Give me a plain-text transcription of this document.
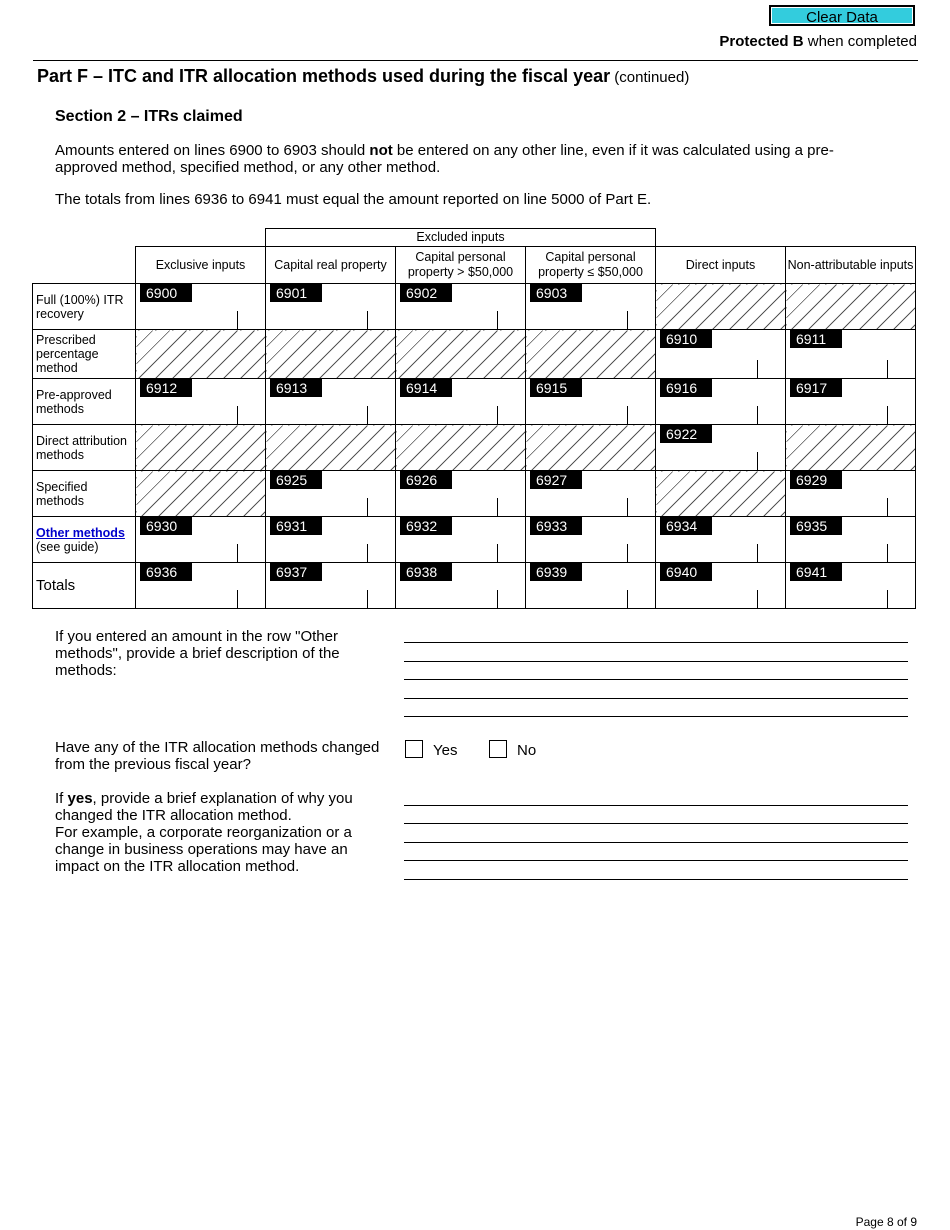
Clear Data
Protected B when completed
Part F – ITC and ITR allocation methods used during the fiscal year (continued)
Section 2 – ITRs claimed
Amounts entered on lines 6900 to 6903 should not be entered on any other line, even if it was calculated using a pre-approved method, specified method, or any other method.
The totals from lines 6936 to 6941 must equal the amount reported on line 5000 of Part E.
		Excluded inputs				
	Exclusive inputs	Capital real property	Capital personal property > $50,000	Capital personal property ≤ $50,000	Direct inputs	Non-attributable inputs
Full (100%) ITR recovery	6900	6901	6902	6903		

Prescribed percentage method					6910	6911

Pre-approved methods	6912	6913	6914	6915	6916	6917

Direct attribution methods					6922	

Specified methods		6925	6926	6927		6929

Other methods
(see guide)	6930	6931	6932	6933	6934	6935

Totals	6936	6937	6938	6939	6940	6941
If you entered an amount in the row "Other methods", provide a brief description of the methods:
Have any of the ITR allocation methods changed from the previous fiscal year?
Yes	No
If yes, provide a brief explanation of why you changed the ITR allocation method.
For example, a corporate reorganization or a change in business operations may have an impact on the ITR allocation method.
Page 8 of 9
